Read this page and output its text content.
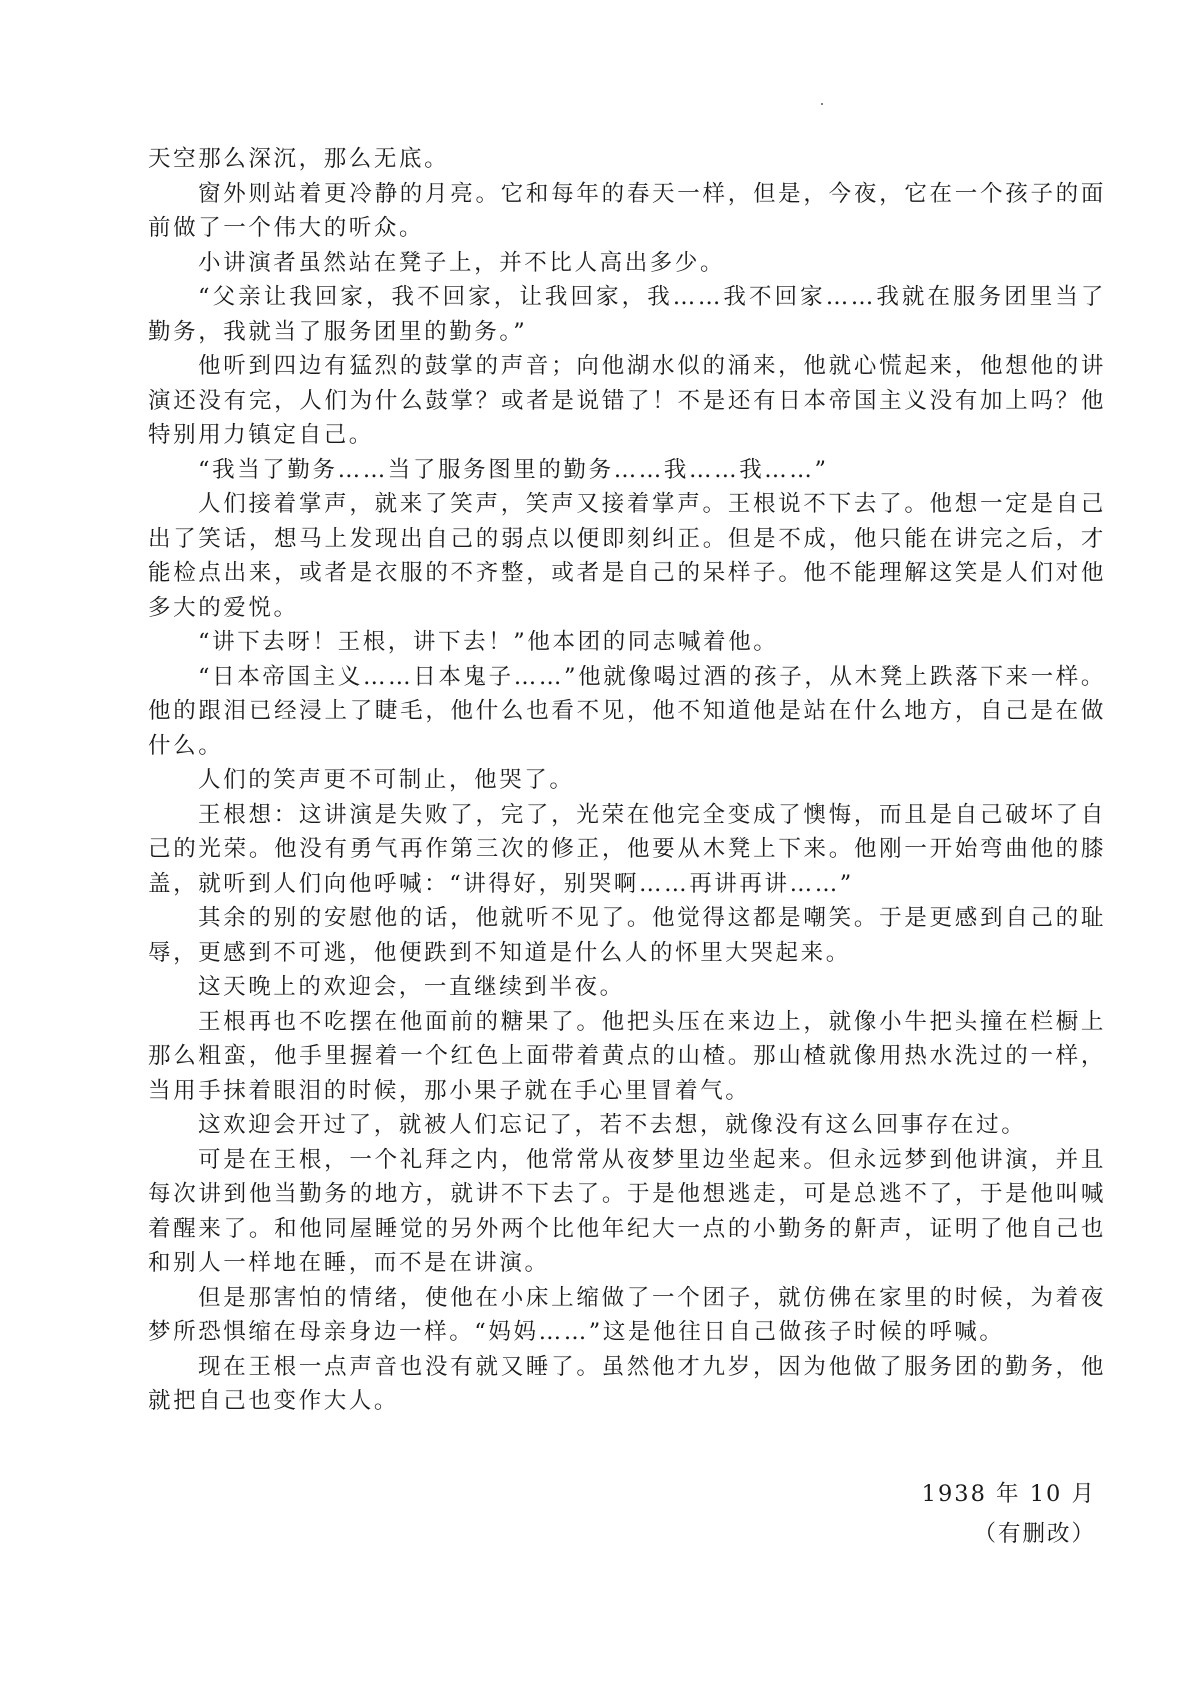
天空那么深沉，那么无底。

窗外则站着更冷静的月亮。它和每年的春天一样，但是，今夜，它在一个孩子的面前做了一个伟大的听众。

小讲演者虽然站在凳子上，并不比人高出多少。

“父亲让我回家，我不回家，让我回家，我……我不回家……我就在服务团里当了勤务，我就当了服务团里的勤务。”

他听到四边有猛烈的鼓掌的声音；向他湖水似的涌来，他就心慌起来，他想他的讲演还没有完，人们为什么鼓掌？或者是说错了！不是还有日本帝国主义没有加上吗？他特别用力镇定自己。

“我当了勤务……当了服务图里的勤务……我……我……”

人们接着掌声，就来了笑声，笑声又接着掌声。王根说不下去了。他想一定是自己出了笑话，想马上发现出自己的弱点以便即刻纠正。但是不成，他只能在讲完之后，才能检点出来，或者是衣服的不齐整，或者是自己的呆样子。他不能理解这笑是人们对他多大的爱悦。

“讲下去呀！王根，讲下去！”他本团的同志喊着他。

“日本帝国主义……日本鬼子……”他就像喝过酒的孩子，从木凳上跌落下来一样。他的跟泪已经浸上了睫毛，他什么也看不见，他不知道他是站在什么地方，自己是在做什么。

人们的笑声更不可制止，他哭了。

王根想：这讲演是失败了，完了，光荣在他完全变成了懊悔，而且是自己破坏了自己的光荣。他没有勇气再作第三次的修正，他要从木凳上下来。他刚一开始弯曲他的膝盖，就听到人们向他呼喊：“讲得好，别哭啊……再讲再讲……”

其余的别的安慰他的话，他就听不见了。他觉得这都是嘲笑。于是更感到自己的耻辱，更感到不可逃，他便跌到不知道是什么人的怀里大哭起来。

这天晚上的欢迎会，一直继续到半夜。

王根再也不吃摆在他面前的糖果了。他把头压在来边上，就像小牛把头撞在栏橱上那么粗蛮，他手里握着一个红色上面带着黄点的山楂。那山楂就像用热水洗过的一样，当用手抹着眼泪的时候，那小果子就在手心里冒着气。

这欢迎会开过了，就被人们忘记了，若不去想，就像没有这么回事存在过。

可是在王根，一个礼拜之内，他常常从夜梦里边坐起来。但永远梦到他讲演，并且每次讲到他当勤务的地方，就讲不下去了。于是他想逃走，可是总逃不了，于是他叫喊着醒来了。和他同屋睡觉的另外两个比他年纪大一点的小勤务的鼾声，证明了他自己也和别人一样地在睡，而不是在讲演。

但是那害怕的情绪，使他在小床上缩做了一个团子，就仿佛在家里的时候，为着夜梦所恐惧缩在母亲身边一样。“妈妈……”这是他往日自己做孩子时候的呼喊。

现在王根一点声音也没有就又睡了。虽然他才九岁，因为他做了服务团的勤务，他就把自己也变作大人。

1938 年 10 月
（有删改）
